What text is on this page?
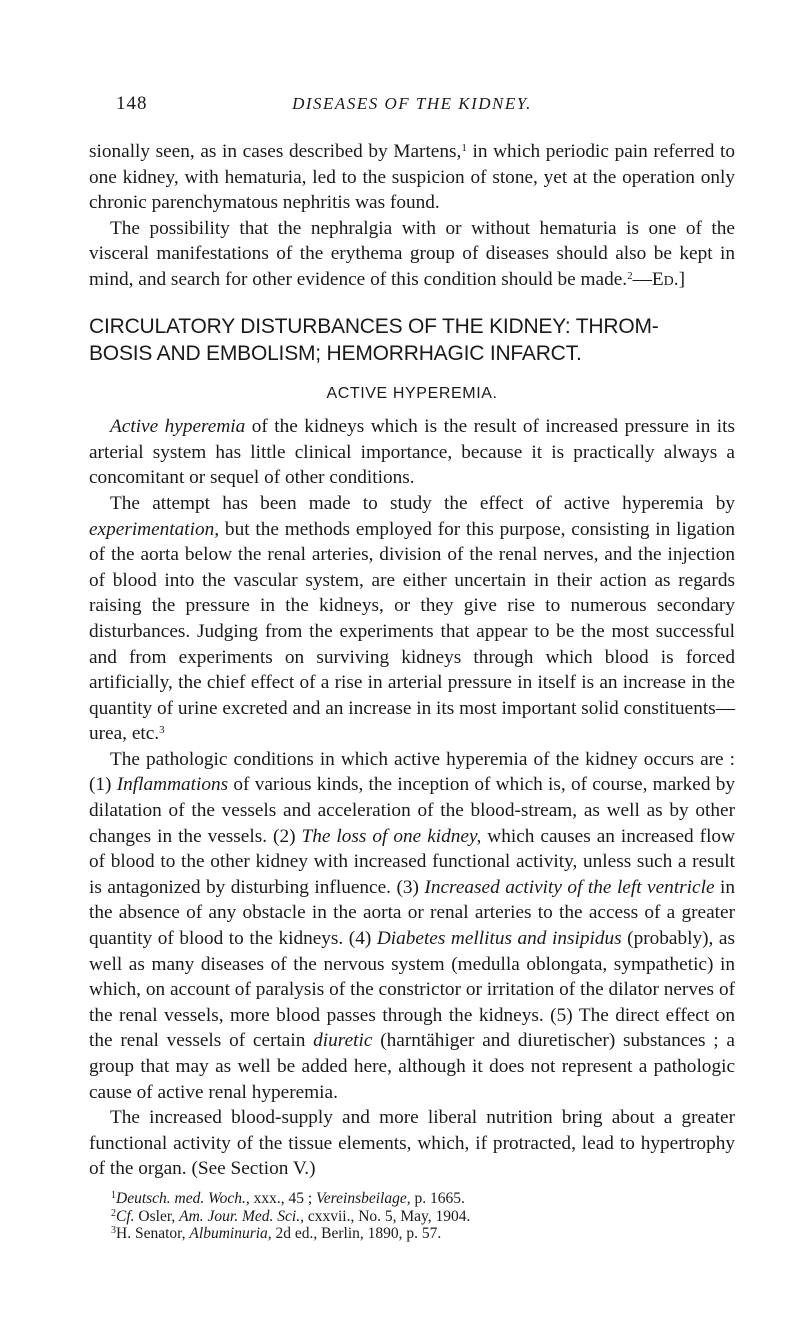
148	DISEASES OF THE KIDNEY.

sionally seen, as in cases described by Martens,$^1$ in which periodic pain referred to one kidney, with hematuria, led to the suspicion of stone, yet at the operation only chronic parenchymatous nephritis was found.

The possibility that the nephralgia with or without hematuria is one of the visceral manifestations of the erythema group of diseases should also be kept in mind, and search for other evidence of this condition should be made.$^2$—Ed.]

CIRCULATORY DISTURBANCES OF THE KIDNEY: THROM-
BOSIS AND EMBOLISM; HEMORRHAGIC INFARCT.
ACTIVE HYPEREMIA.

Active hyperemia of the kidneys which is the result of increased pressure in its arterial system has little clinical importance, because it is practically always a concomitant or sequel of other conditions.

The attempt has been made to study the effect of active hyperemia by experimentation, but the methods employed for this purpose, consisting in ligation of the aorta below the renal arteries, division of the renal nerves, and the injection of blood into the vascular system, are either uncertain in their action as regards raising the pressure in the kidneys, or they give rise to numerous secondary disturbances. Judging from the experiments that appear to be the most successful and from experiments on surviving kidneys through which blood is forced artificially, the chief effect of a rise in arterial pressure in itself is an increase in the quantity of urine excreted and an increase in its most important solid constituents—urea, etc.$^3$

The pathologic conditions in which active hyperemia of the kidney occurs are : (1) Inflammations of various kinds, the inception of which is, of course, marked by dilatation of the vessels and acceleration of the blood-stream, as well as by other changes in the vessels. (2) The loss of one kidney, which causes an increased flow of blood to the other kidney with increased functional activity, unless such a result is antagonized by disturbing influence. (3) Increased activity of the left ventricle in the absence of any obstacle in the aorta or renal arteries to the access of a greater quantity of blood to the kidneys. (4) Diabetes mellitus and insipidus (probably), as well as many diseases of the nervous system (medulla oblongata, sympathetic) in which, on account of paralysis of the constrictor or irritation of the dilator nerves of the renal vessels, more blood passes through the kidneys. (5) The direct effect on the renal vessels of certain diuretic (harntähiger and diuretischer) substances ; a group that may as well be added here, although it does not represent a pathologic cause of active renal hyperemia.

The increased blood-supply and more liberal nutrition bring about a greater functional activity of the tissue elements, which, if protracted, lead to hypertrophy of the organ. (See Section V.)

$^1$Deutsch. med. Woch., xxx., 45 ; Vereinsbeilage, p. 1665.
$^2$Cf. Osler, Am. Jour. Med. Sci., cxxvii., No. 5, May, 1904.
$^3$H. Senator, Albuminuria, 2d ed., Berlin, 1890, p. 57.
